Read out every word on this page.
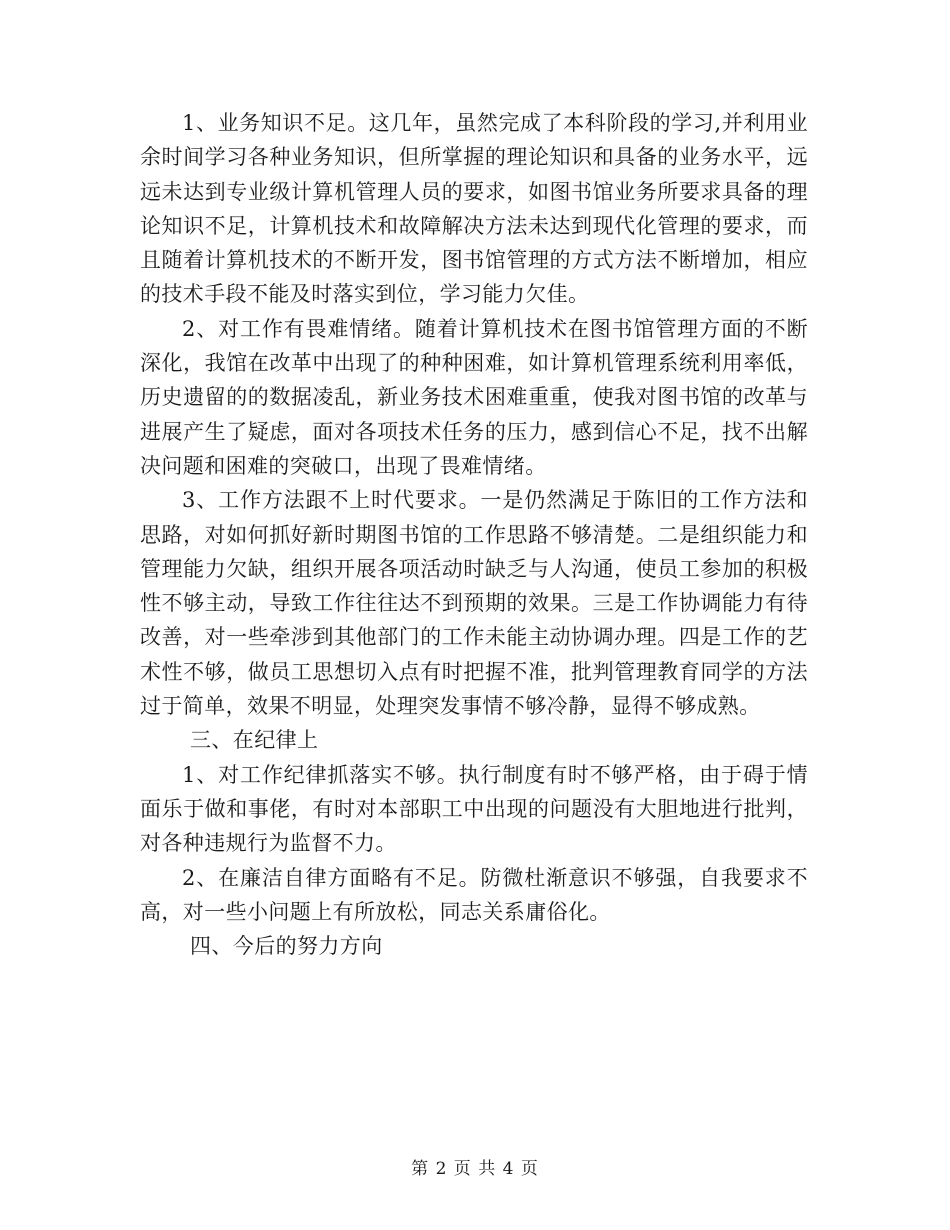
1、业务知识不足。这几年，虽然完成了本科阶段的学习,并利用业余时间学习各种业务知识，但所掌握的理论知识和具备的业务水平，远远未达到专业级计算机管理人员的要求，如图书馆业务所要求具备的理论知识不足，计算机技术和故障解决方法未达到现代化管理的要求，而且随着计算机技术的不断开发，图书馆管理的方式方法不断增加，相应的技术手段不能及时落实到位，学习能力欠佳。

2、对工作有畏难情绪。随着计算机技术在图书馆管理方面的不断深化，我馆在改革中出现了的种种困难，如计算机管理系统利用率低，历史遗留的的数据凌乱，新业务技术困难重重，使我对图书馆的改革与进展产生了疑虑，面对各项技术任务的压力，感到信心不足，找不出解决问题和困难的突破口，出现了畏难情绪。

3、工作方法跟不上时代要求。一是仍然满足于陈旧的工作方法和思路，对如何抓好新时期图书馆的工作思路不够清楚。二是组织能力和管理能力欠缺，组织开展各项活动时缺乏与人沟通，使员工参加的积极性不够主动，导致工作往往达不到预期的效果。三是工作协调能力有待改善，对一些牵涉到其他部门的工作未能主动协调办理。四是工作的艺术性不够，做员工思想切入点有时把握不准，批判管理教育同学的方法过于简单，效果不明显，处理突发事情不够冷静，显得不够成熟。

三、在纪律上

1、对工作纪律抓落实不够。执行制度有时不够严格，由于碍于情面乐于做和事佬，有时对本部职工中出现的问题没有大胆地进行批判，对各种违规行为监督不力。

2、在廉洁自律方面略有不足。防微杜渐意识不够强，自我要求不高，对一些小问题上有所放松，同志关系庸俗化。

四、今后的努力方向

第 2 页 共 4 页
